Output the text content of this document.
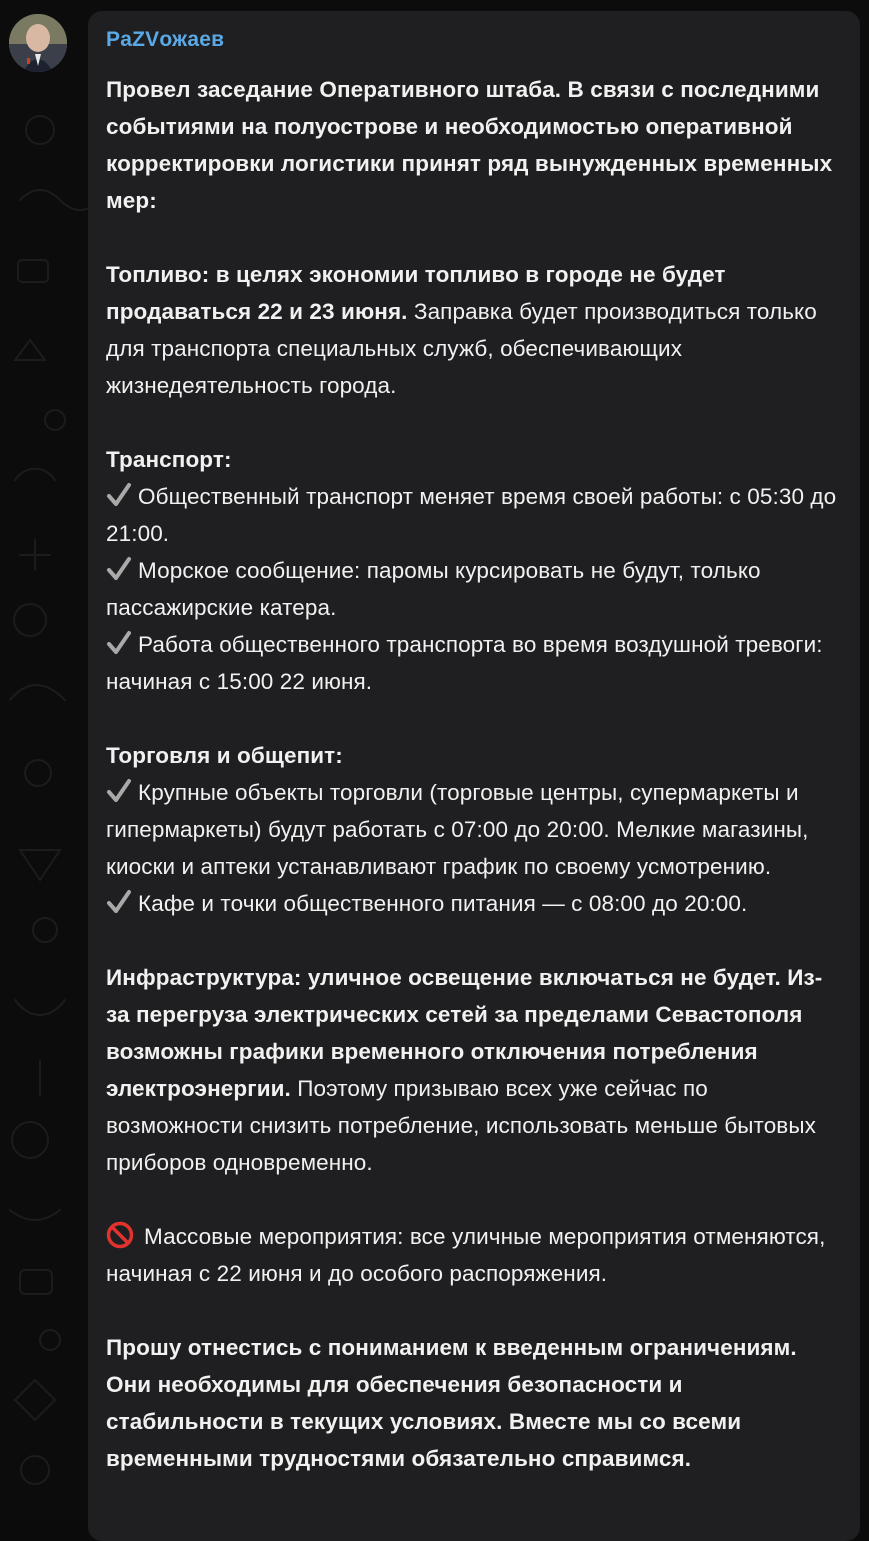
PaZVожаев

Провел заседание Оперативного штаба. В связи с последними событиями на полуострове и необходимостью оперативной корректировки логистики принят ряд вынужденных временных мер:

Топливо: в целях экономии топливо в городе не будет продаваться 22 и 23 июня. Заправка будет производиться только для транспорта специальных служб, обеспечивающих жизнедеятельность города.

Транспорт:
Общественный транспорт меняет время своей работы: с 05:30 до 21:00.
Морское сообщение: паромы курсировать не будут, только пассажирские катера.
Работа общественного транспорта во время воздушной тревоги: начиная с 15:00 22 июня.

Торговля и общепит:
Крупные объекты торговли (торговые центры, супермаркеты и гипермаркеты) будут работать с 07:00 до 20:00. Мелкие магазины, киоски и аптеки устанавливают график по своему усмотрению.
Кафе и точки общественного питания — с 08:00 до 20:00.

Инфраструктура: уличное освещение включаться не будет. Из-за перегруза электрических сетей за пределами Севастополя возможны графики временного отключения потребления электроэнергии. Поэтому призываю всех уже сейчас по возможности снизить потребление, использовать меньше бытовых приборов одновременно.

Массовые мероприятия: все уличные мероприятия отменяются, начиная с 22 июня и до особого распоряжения.

Прошу отнестись с пониманием к введенным ограничениям. Они необходимы для обеспечения безопасности и стабильности в текущих условиях. Вместе мы со всеми временными трудностями обязательно справимся.
